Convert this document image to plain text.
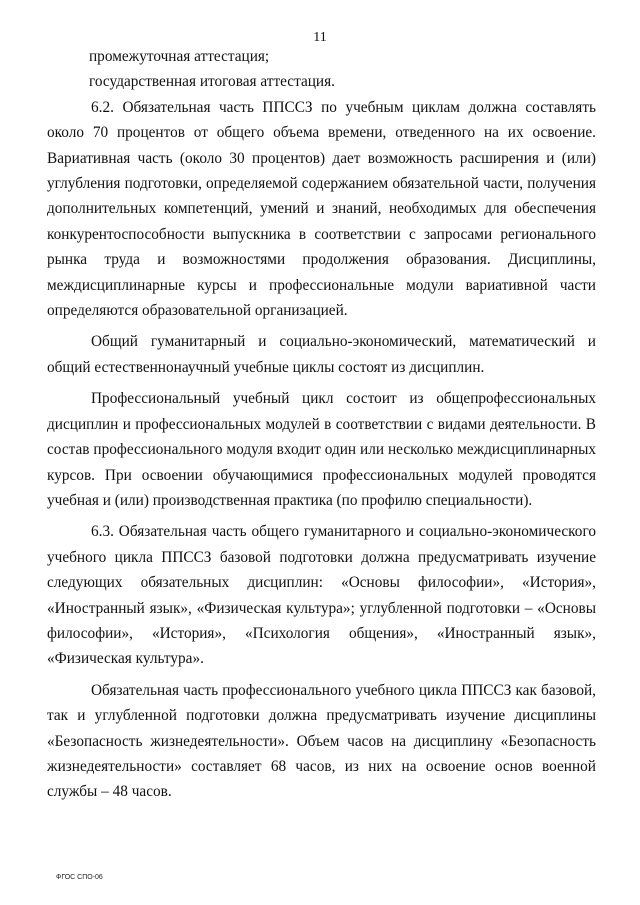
11

промежуточная аттестация;

государственная итоговая аттестация.

6.2. Обязательная часть ППССЗ по учебным циклам должна составлять около 70 процентов от общего объема времени, отведенного на их освоение. Вариативная часть (около 30 процентов) дает возможность расширения и (или) углубления подготовки, определяемой содержанием обязательной части, получения дополнительных компетенций, умений и знаний, необходимых для обеспечения конкурентоспособности выпускника в соответствии с запросами регионального рынка труда и возможностями продолжения образования. Дисциплины, междисциплинарные курсы и профессиональные модули вариативной части определяются образовательной организацией.

Общий гуманитарный и социально-экономический, математический и общий естественнонаучный учебные циклы состоят из дисциплин.

Профессиональный учебный цикл состоит из общепрофессиональных дисциплин и профессиональных модулей в соответствии с видами деятельности. В состав профессионального модуля входит один или несколько междисциплинарных курсов. При освоении обучающимися профессиональных модулей проводятся учебная и (или) производственная практика (по профилю специальности).

6.3. Обязательная часть общего гуманитарного и социально-экономического учебного цикла ППССЗ базовой подготовки должна предусматривать изучение следующих обязательных дисциплин: «Основы философии», «История», «Иностранный язык», «Физическая культура»; углубленной подготовки – «Основы философии», «История», «Психология общения», «Иностранный язык», «Физическая культура».

Обязательная часть профессионального учебного цикла ППССЗ как базовой, так и углубленной подготовки должна предусматривать изучение дисциплины «Безопасность жизнедеятельности». Объем часов на дисциплину «Безопасность жизнедеятельности» составляет 68 часов, из них на освоение основ военной службы – 48 часов.

ФГОС СПО-06
